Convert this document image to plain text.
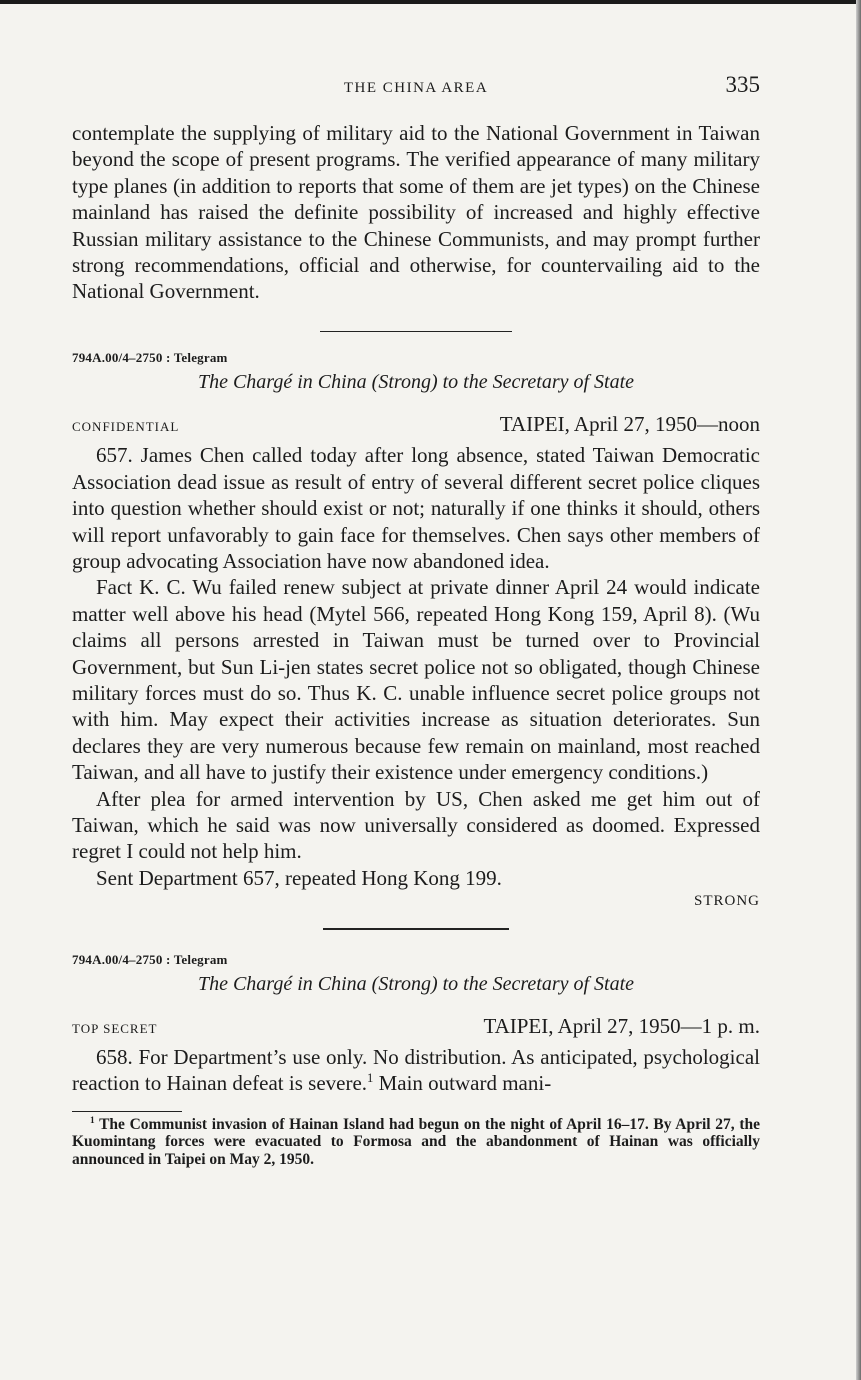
THE CHINA AREA	335

contemplate the supplying of military aid to the National Government in Taiwan beyond the scope of present programs. The verified appearance of many military type planes (in addition to reports that some of them are jet types) on the Chinese mainland has raised the definite possibility of increased and highly effective Russian military assistance to the Chinese Communists, and may prompt further strong recommendations, official and otherwise, for countervailing aid to the National Government.

794A.00/4–2750 : Telegram

The Chargé in China (Strong) to the Secretary of State

CONFIDENTIAL	TAIPEI, April 27, 1950—noon

657. James Chen called today after long absence, stated Taiwan Democratic Association dead issue as result of entry of several different secret police cliques into question whether should exist or not; naturally if one thinks it should, others will report unfavorably to gain face for themselves. Chen says other members of group advocating Association have now abandoned idea.

Fact K. C. Wu failed renew subject at private dinner April 24 would indicate matter well above his head (Mytel 566, repeated Hong Kong 159, April 8). (Wu claims all persons arrested in Taiwan must be turned over to Provincial Government, but Sun Li-jen states secret police not so obligated, though Chinese military forces must do so. Thus K. C. unable influence secret police groups not with him. May expect their activities increase as situation deteriorates. Sun declares they are very numerous because few remain on mainland, most reached Taiwan, and all have to justify their existence under emergency conditions.)

After plea for armed intervention by US, Chen asked me get him out of Taiwan, which he said was now universally considered as doomed. Expressed regret I could not help him.

Sent Department 657, repeated Hong Kong 199.

STRONG

794A.00/4–2750 : Telegram

The Chargé in China (Strong) to the Secretary of State

TOP SECRET	TAIPEI, April 27, 1950—1 p. m.

658. For Department’s use only. No distribution. As anticipated, psychological reaction to Hainan defeat is severe.$^1$ Main outward mani-

$^1$ The Communist invasion of Hainan Island had begun on the night of April 16–17. By April 27, the Kuomintang forces were evacuated to Formosa and the abandonment of Hainan was officially announced in Taipei on May 2, 1950.
